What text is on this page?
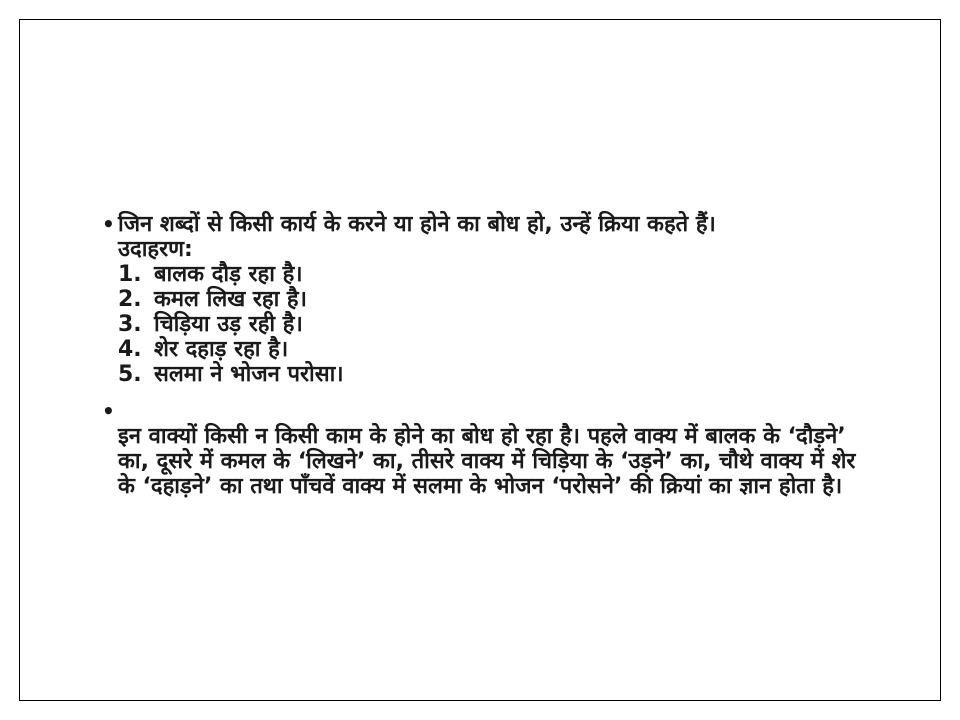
• जिन शब्दों से किसी कार्य के करने या होने का बोध हो, उन्हें क्रिया कहते हैं।
उदाहरण:
1. बालक दौड़ रहा है।
2. कमल लिख रहा है।
3. चिड़िया उड़ रही है।
4. शेर दहाड़ रहा है।
5. सलमा ने भोजन परोसा।
•
इन वाक्यों किसी न किसी काम के होने का बोध हो रहा है। पहले वाक्य में बालक के ‘दौड़ने’ का, दूसरे में कमल के ‘लिखने’ का, तीसरे वाक्य में चिड़िया के ‘उड़ने’ का, चौथे वाक्य में शेर के ‘दहाड़ने’ का तथा पाँचवें वाक्य में सलमा के भोजन ‘परोसने’ की क्रियां का ज्ञान होता है।
